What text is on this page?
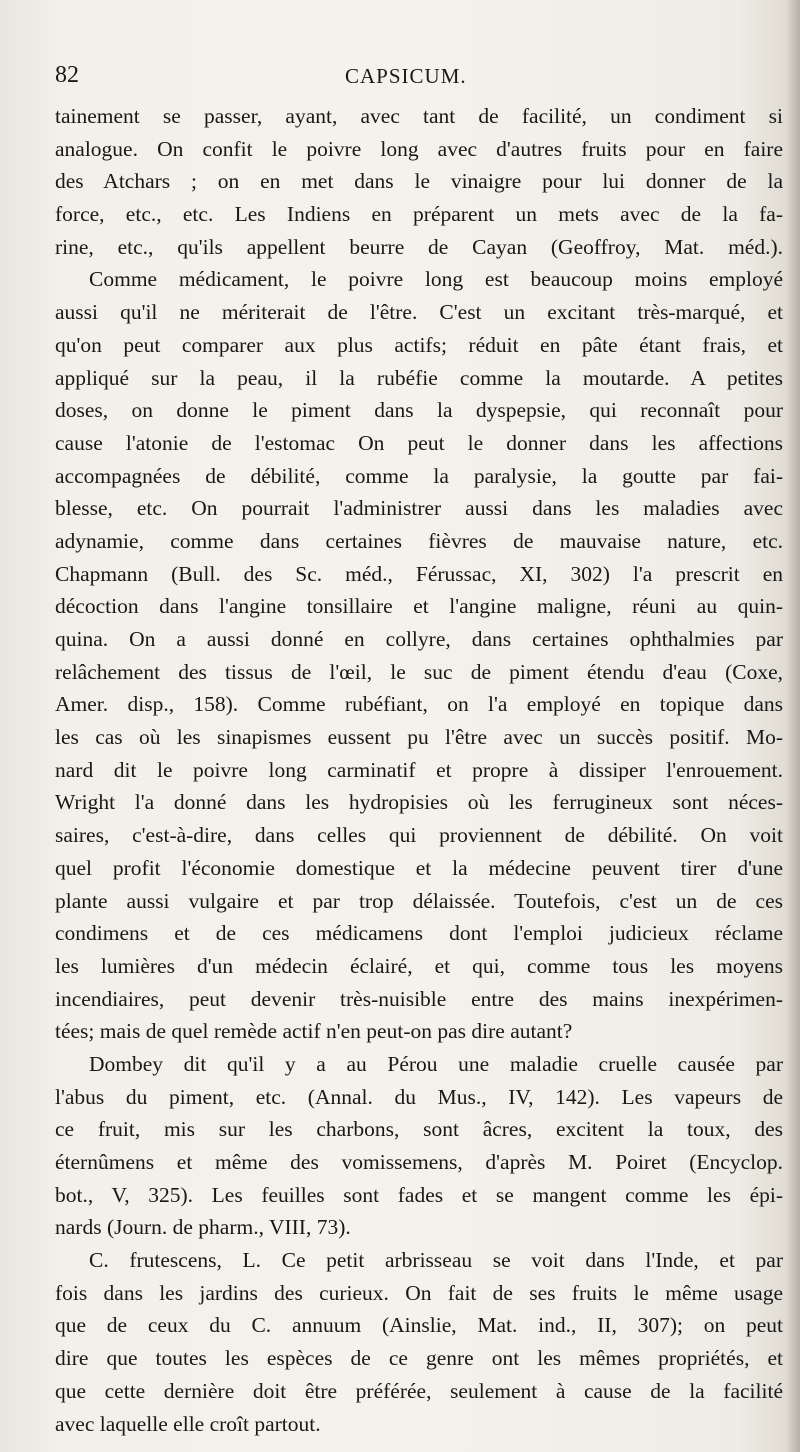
82	CAPSICUM.
tainement se passer, ayant, avec tant de facilité, un condiment si
analogue. On confit le poivre long avec d'autres fruits pour en faire
des Atchars ; on en met dans le vinaigre pour lui donner de la
force, etc., etc. Les Indiens en préparent un mets avec de la fa-
rine, etc., qu'ils appellent beurre de Cayan (Geoffroy, Mat. méd.).
Comme médicament, le poivre long est beaucoup moins employé
aussi qu'il ne mériterait de l'être. C'est un excitant très-marqué, et
qu'on peut comparer aux plus actifs; réduit en pâte étant frais, et
appliqué sur la peau, il la rubéfie comme la moutarde. A petites
doses, on donne le piment dans la dyspepsie, qui reconnaît pour
cause l'atonie de l'estomac On peut le donner dans les affections
accompagnées de débilité, comme la paralysie, la goutte par fai-
blesse, etc. On pourrait l'administrer aussi dans les maladies avec
adynamie, comme dans certaines fièvres de mauvaise nature, etc.
Chapmann (Bull. des Sc. méd., Férussac, XI, 302) l'a prescrit en
décoction dans l'angine tonsillaire et l'angine maligne, réuni au quin-
quina. On a aussi donné en collyre, dans certaines ophthalmies par
relâchement des tissus de l'œil, le suc de piment étendu d'eau (Coxe,
Amer. disp., 158). Comme rubéfiant, on l'a employé en topique dans
les cas où les sinapismes eussent pu l'être avec un succès positif. Mo-
nard dit le poivre long carminatif et propre à dissiper l'enrouement.
Wright l'a donné dans les hydropisies où les ferrugineux sont néces-
saires, c'est-à-dire, dans celles qui proviennent de débilité. On voit
quel profit l'économie domestique et la médecine peuvent tirer d'une
plante aussi vulgaire et par trop délaissée. Toutefois, c'est un de ces
condimens et de ces médicamens dont l'emploi judicieux réclame
les lumières d'un médecin éclairé, et qui, comme tous les moyens
incendiaires, peut devenir très-nuisible entre des mains inexpérimen-
tées; mais de quel remède actif n'en peut-on pas dire autant?
Dombey dit qu'il y a au Pérou une maladie cruelle causée par
l'abus du piment, etc. (Annal. du Mus., IV, 142). Les vapeurs de
ce fruit, mis sur les charbons, sont âcres, excitent la toux, des
éternûmens et même des vomissemens, d'après M. Poiret (Encyclop.
bot., V, 325). Les feuilles sont fades et se mangent comme les épi-
nards (Journ. de pharm., VIII, 73).
C. frutescens, L. Ce petit arbrisseau se voit dans l'Inde, et par
fois dans les jardins des curieux. On fait de ses fruits le même usage
que de ceux du C. annuum (Ainslie, Mat. ind., II, 307); on peut
dire que toutes les espèces de ce genre ont les mêmes propriétés, et
que cette dernière doit être préférée, seulement à cause de la facilité
avec laquelle elle croît partout.
